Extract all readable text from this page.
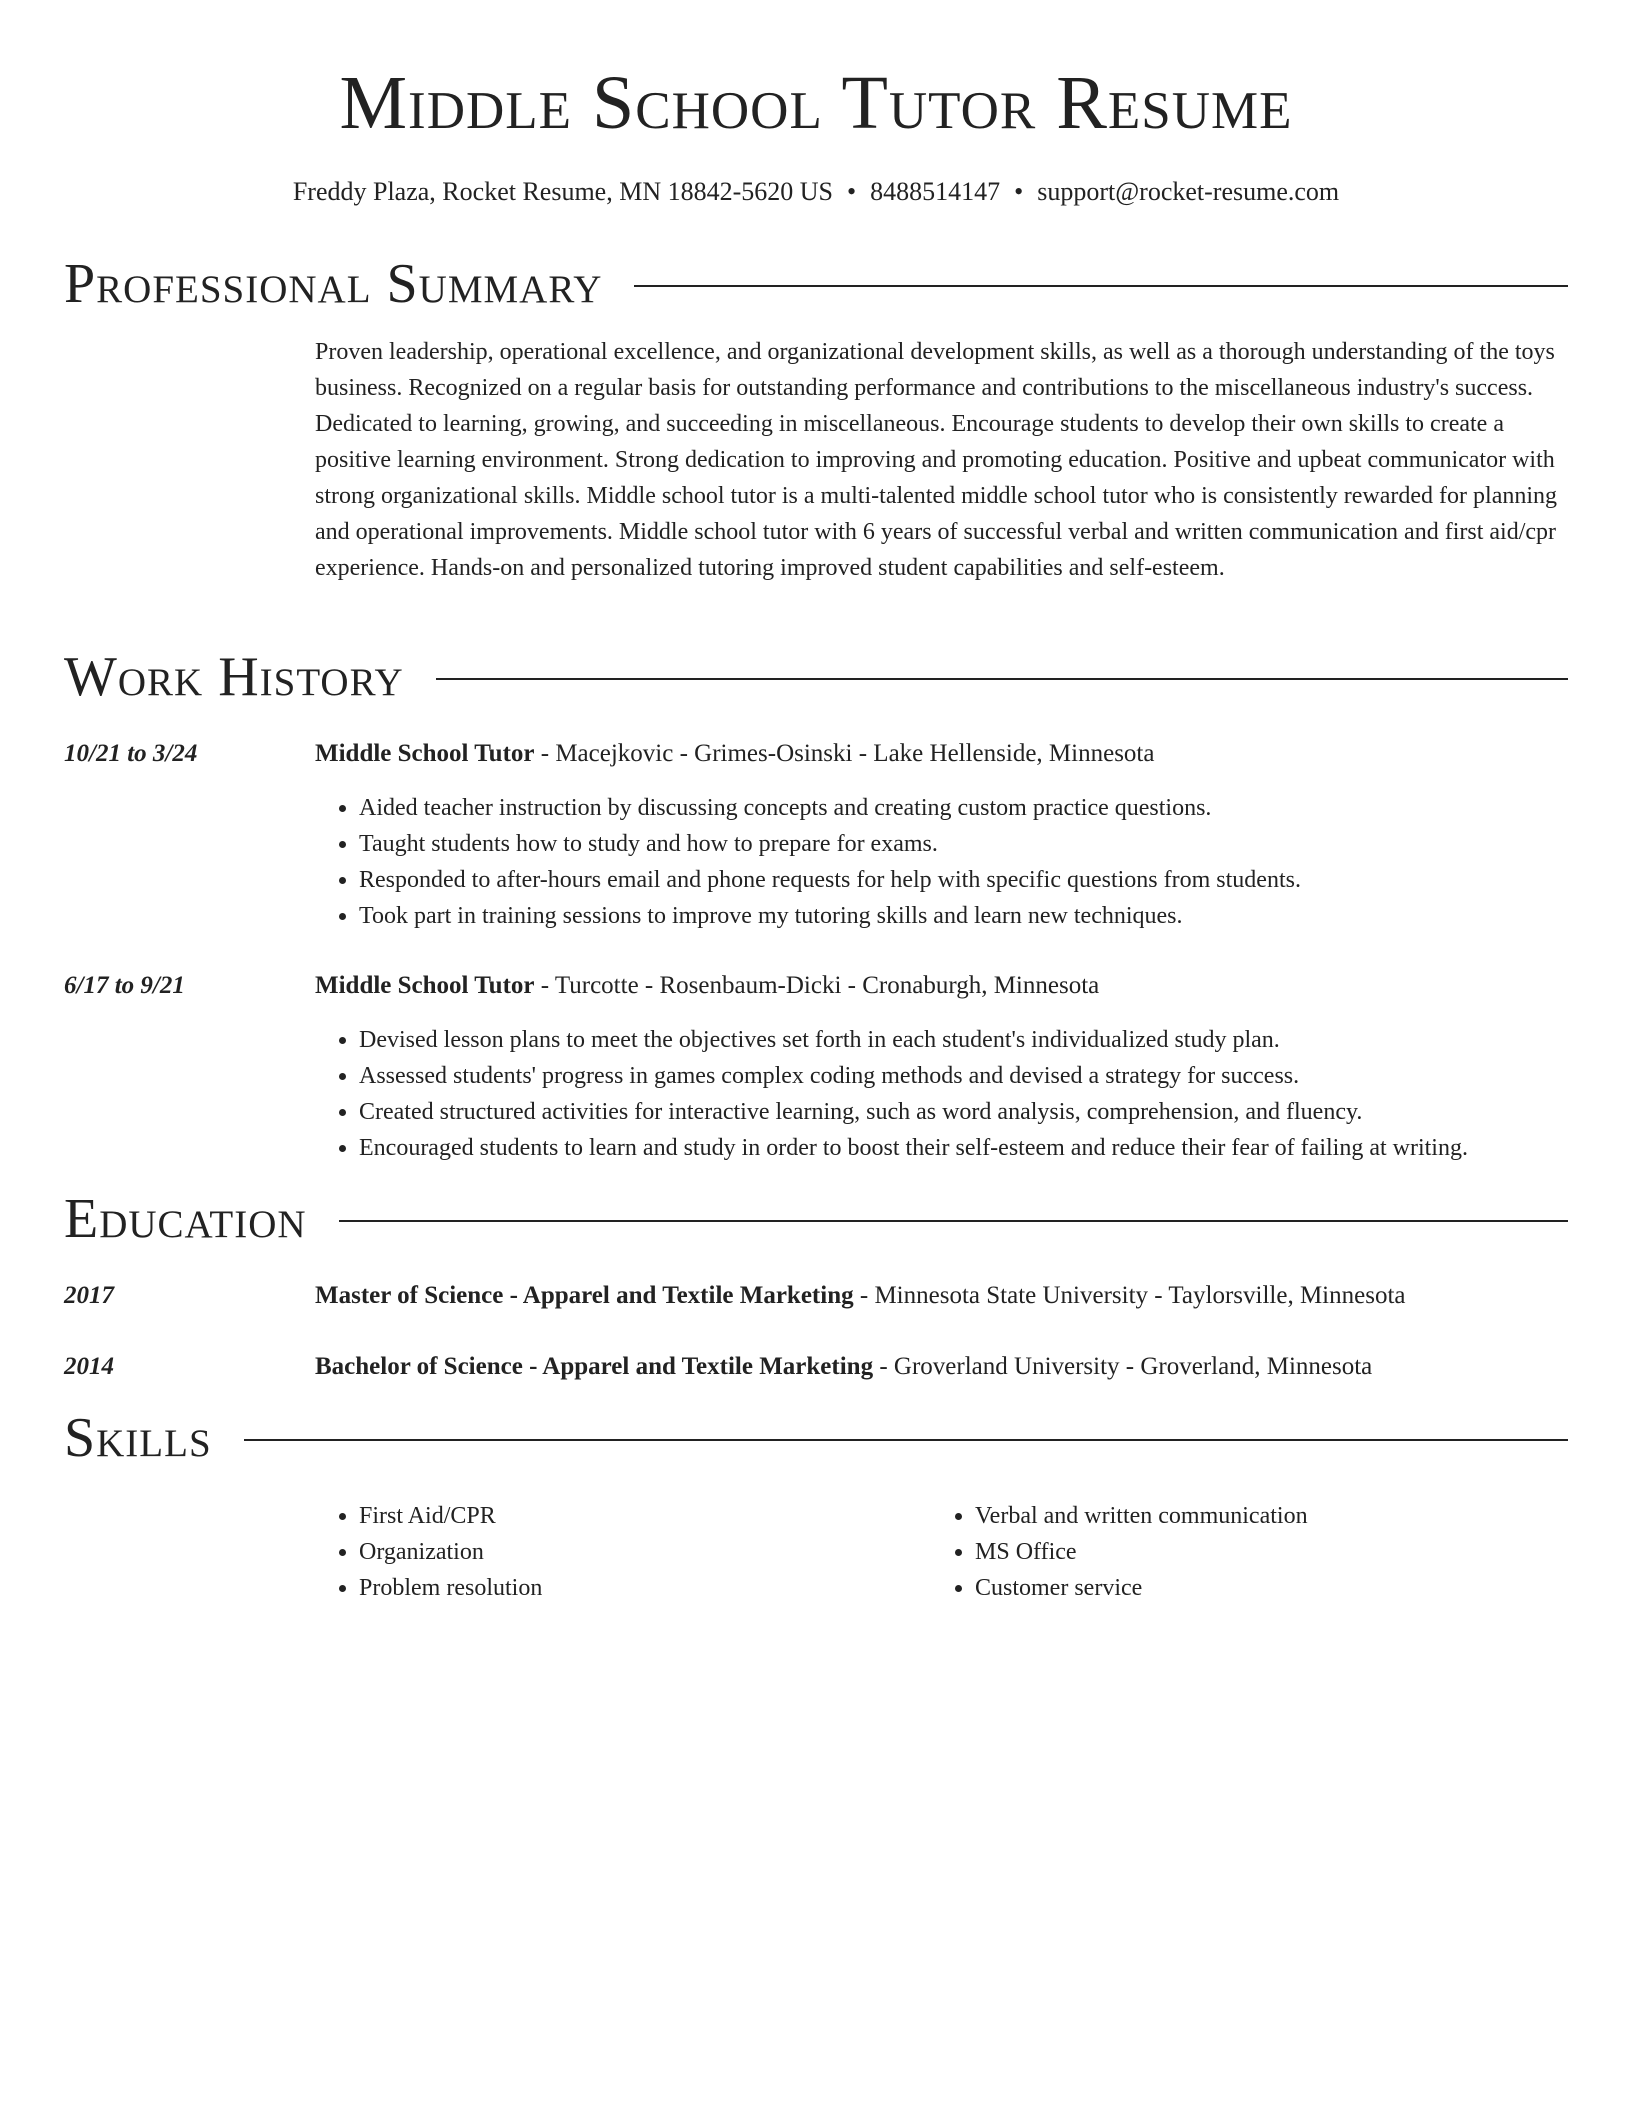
Middle School Tutor Resume
Freddy Plaza, Rocket Resume, MN 18842-5620 US • 8488514147 • support@rocket-resume.com
Professional Summary

Proven leadership, operational excellence, and organizational development skills, as well as a thorough understanding of the toys business. Recognized on a regular basis for outstanding performance and contributions to the miscellaneous industry's success. Dedicated to learning, growing, and succeeding in miscellaneous. Encourage students to develop their own skills to create a positive learning environment. Strong dedication to improving and promoting education. Positive and upbeat communicator with strong organizational skills. Middle school tutor is a multi-talented middle school tutor who is consistently rewarded for planning and operational improvements. Middle school tutor with 6 years of successful verbal and written communication and first aid/cpr experience. Hands-on and personalized tutoring improved student capabilities and self-esteem.

Work History
10/21 to 3/24	Middle School Tutor - Macejkovic - Grimes-Osinski - Lake Hellenside, Minnesota
• Aided teacher instruction by discussing concepts and creating custom practice questions.
• Taught students how to study and how to prepare for exams.
• Responded to after-hours email and phone requests for help with specific questions from students.
• Took part in training sessions to improve my tutoring skills and learn new techniques.
6/17 to 9/21	Middle School Tutor - Turcotte - Rosenbaum-Dicki - Cronaburgh, Minnesota
• Devised lesson plans to meet the objectives set forth in each student's individualized study plan.
• Assessed students' progress in games complex coding methods and devised a strategy for success.
• Created structured activities for interactive learning, such as word analysis, comprehension, and fluency.
• Encouraged students to learn and study in order to boost their self-esteem and reduce their fear of failing at writing.
Education
2017	Master of Science - Apparel and Textile Marketing - Minnesota State University - Taylorsville, Minnesota
2014	Bachelor of Science - Apparel and Textile Marketing - Groverland University - Groverland, Minnesota
Skills
• First Aid/CPR
• Organization
• Problem resolution
• Verbal and written communication
• MS Office
• Customer service
